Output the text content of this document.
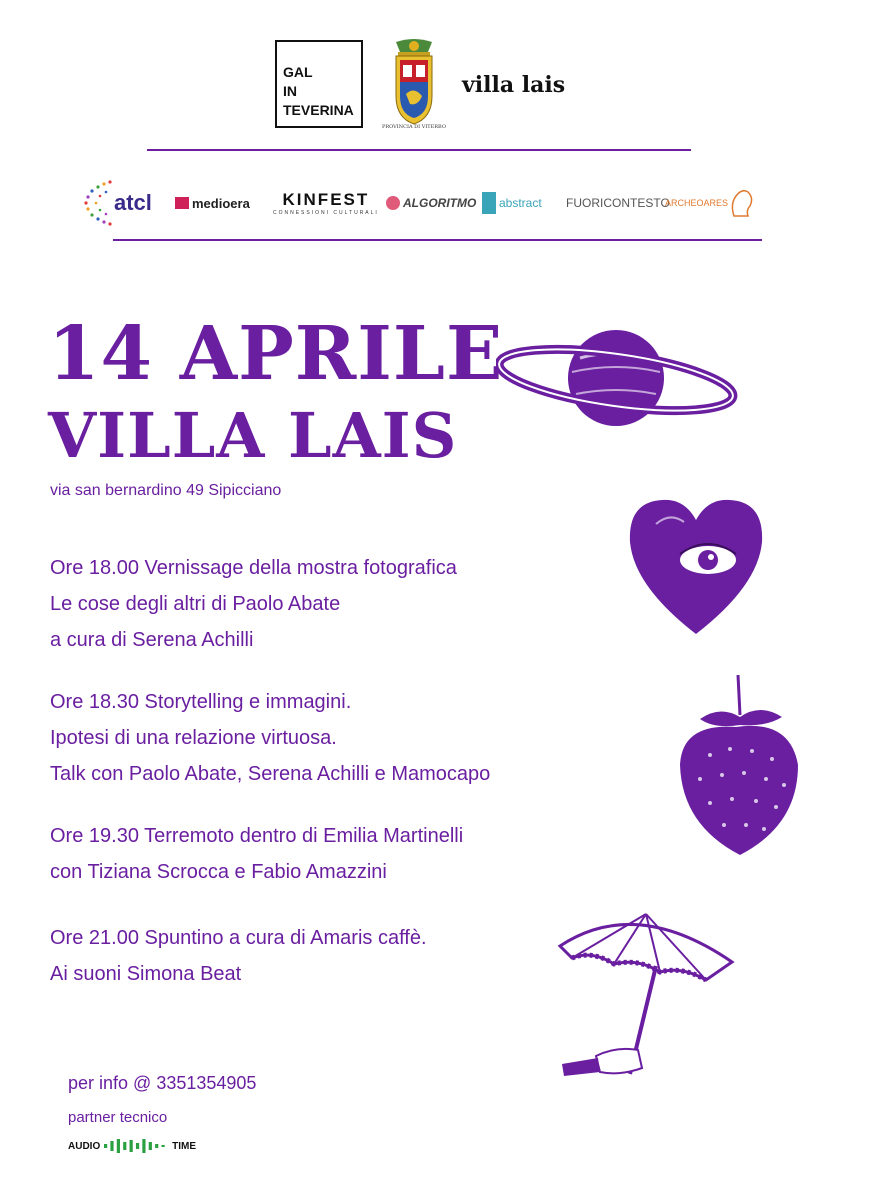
GAL
IN
TEVERINA
PROVINCIA DI VITERBO
villa lais
atcl	medioera KINFEST
CONNESSIONI CULTURALI
ALGORITMO abstract FUORICONTESTO
ARCHEOARES
14 APRILE
VILLA LAIS
via san bernardino 49 Sipicciano

Ore 18.00 Vernissage della mostra fotografica

Le cose degli altri di Paolo Abate

a cura di Serena Achilli

Ore 18.30 Storytelling e immagini.

Ipotesi di una relazione virtuosa.

Talk con Paolo Abate, Serena Achilli e Mamocapo

Ore 19.30 Terremoto dentro di Emilia Martinelli

con Tiziana Scrocca e Fabio Amazzini

Ore 21.00 Spuntino a cura di Amaris caffè.

Ai suoni Simona Beat

per info @ 3351354905
partner tecnico
AUDIO	TIME
